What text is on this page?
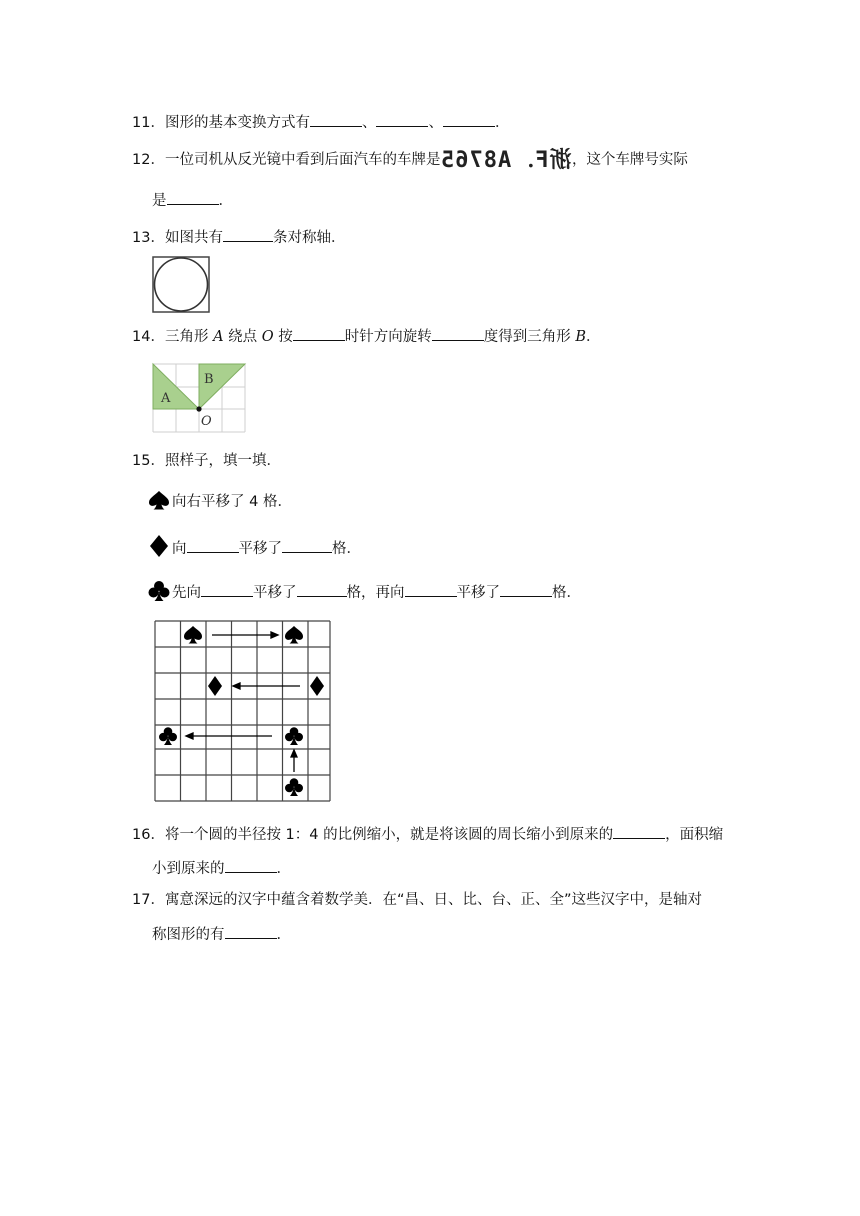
11．图形的基本变换方式有	、	、	．
12．一位司机从反光镜中看到后面汽车的车牌是浙F．A8765，这个车牌号实际
是	．
13．如图共有	条对称轴．
14．三角形 A 绕点 O 按	时针方向旋转	度得到三角形 B．
A
B
O
15．照样子，填一填．
向右平移了 4 格．
向	平移了	格．
先向	平移了	格，再向	平移了	格．
16．将一个圆的半径按 1：4 的比例缩小，就是将该圆的周长缩小到原来的	，面积缩
小到原来的	．
17．寓意深远的汉字中蕴含着数学美．在“昌、日、比、台、正、全”这些汉字中，是轴对
称图形的有	．
